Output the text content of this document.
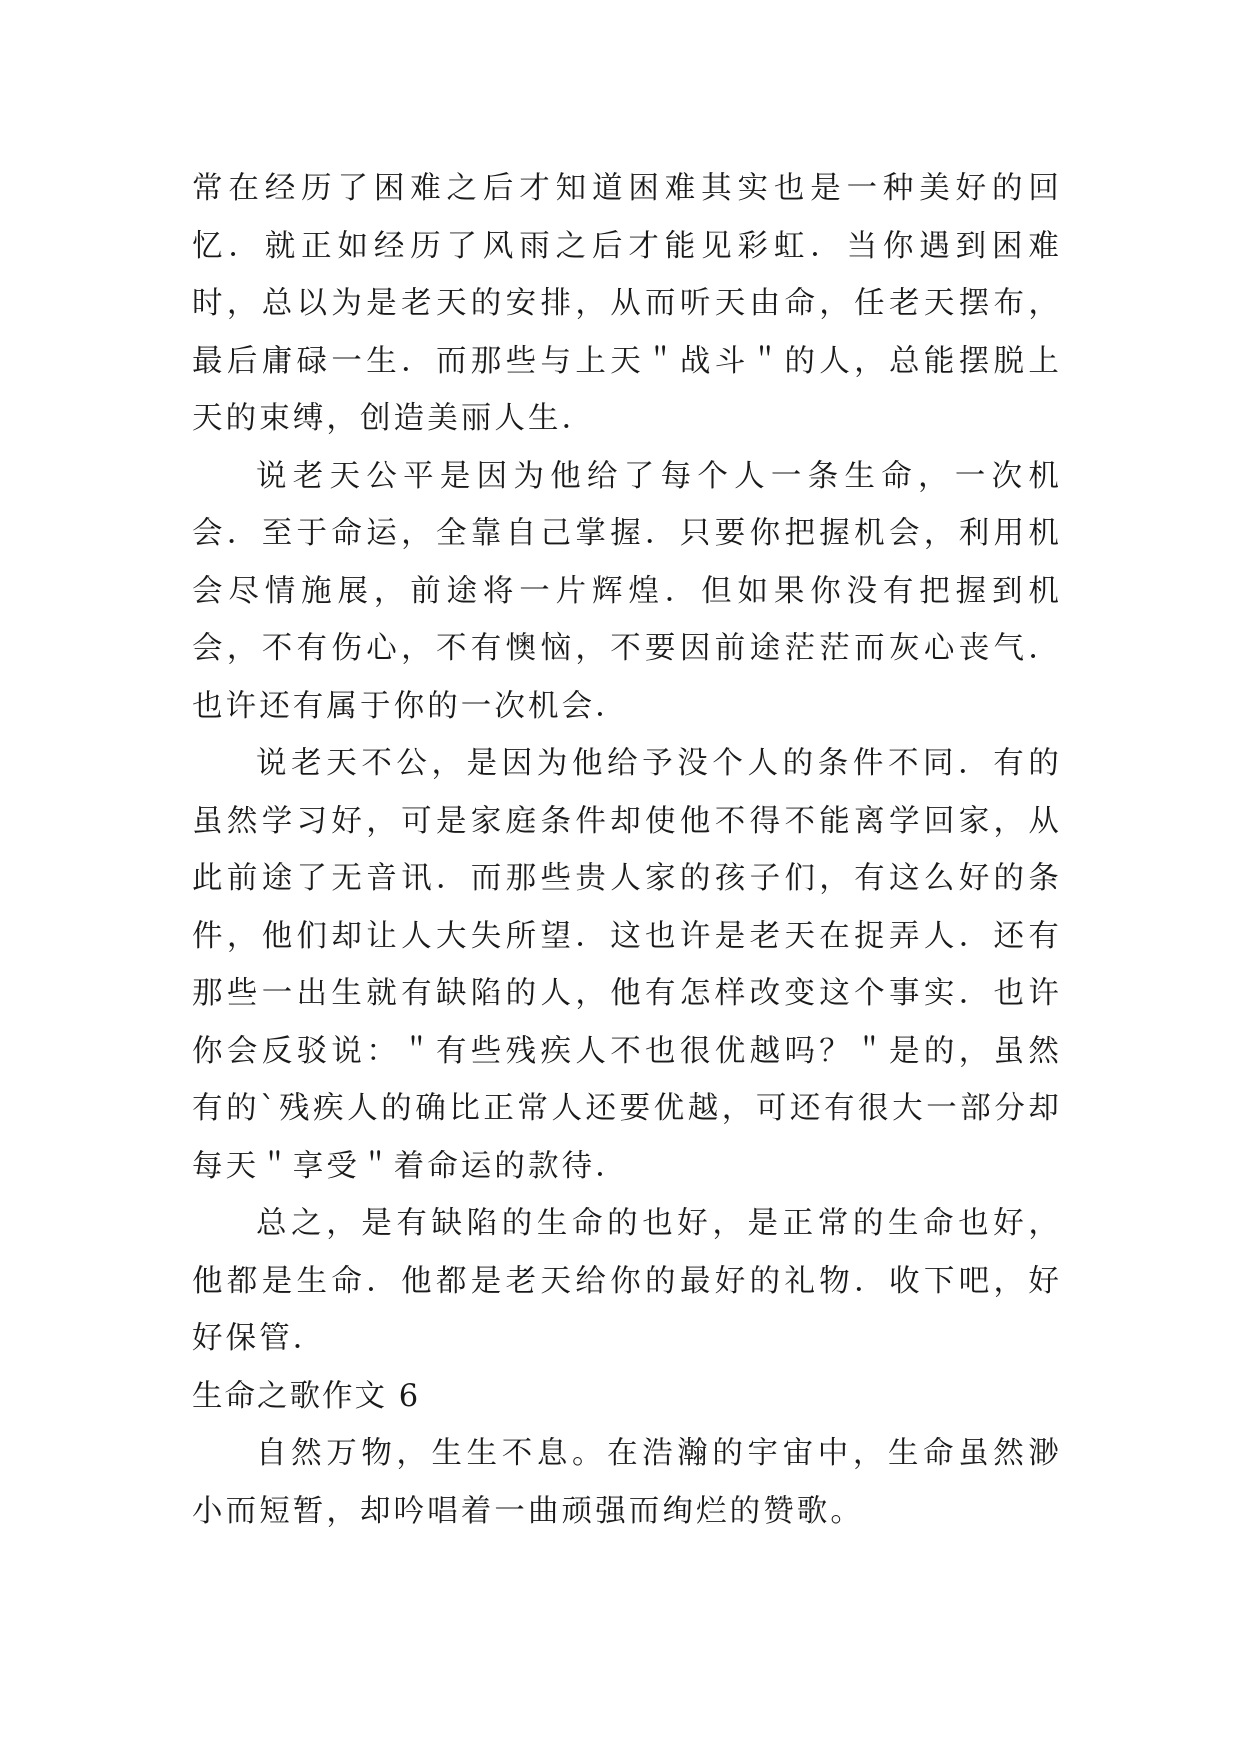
常在经历了困难之后才知道困难其实也是一种美好的回忆．就正如经历了风雨之后才能见彩虹．当你遇到困难时，总以为是老天的安排，从而听天由命，任老天摆布，最后庸碌一生．而那些与上天＂战斗＂的人，总能摆脱上天的束缚，创造美丽人生．

说老天公平是因为他给了每个人一条生命，一次机会．至于命运，全靠自己掌握．只要你把握机会，利用机会尽情施展，前途将一片辉煌．但如果你没有把握到机会，不有伤心，不有懊恼，不要因前途茫茫而灰心丧气．也许还有属于你的一次机会．

说老天不公，是因为他给予没个人的条件不同．有的虽然学习好，可是家庭条件却使他不得不能离学回家，从此前途了无音讯．而那些贵人家的孩子们，有这么好的条件，他们却让人大失所望．这也许是老天在捉弄人．还有那些一出生就有缺陷的人，他有怎样改变这个事实．也许你会反驳说：＂有些残疾人不也很优越吗？＂是的，虽然有的`残疾人的确比正常人还要优越，可还有很大一部分却每天＂享受＂着命运的款待．

总之，是有缺陷的生命的也好，是正常的生命也好，他都是生命．他都是老天给你的最好的礼物．收下吧，好好保管．

生命之歌作文 6

自然万物，生生不息。在浩瀚的宇宙中，生命虽然渺小而短暂，却吟唱着一曲顽强而绚烂的赞歌。
